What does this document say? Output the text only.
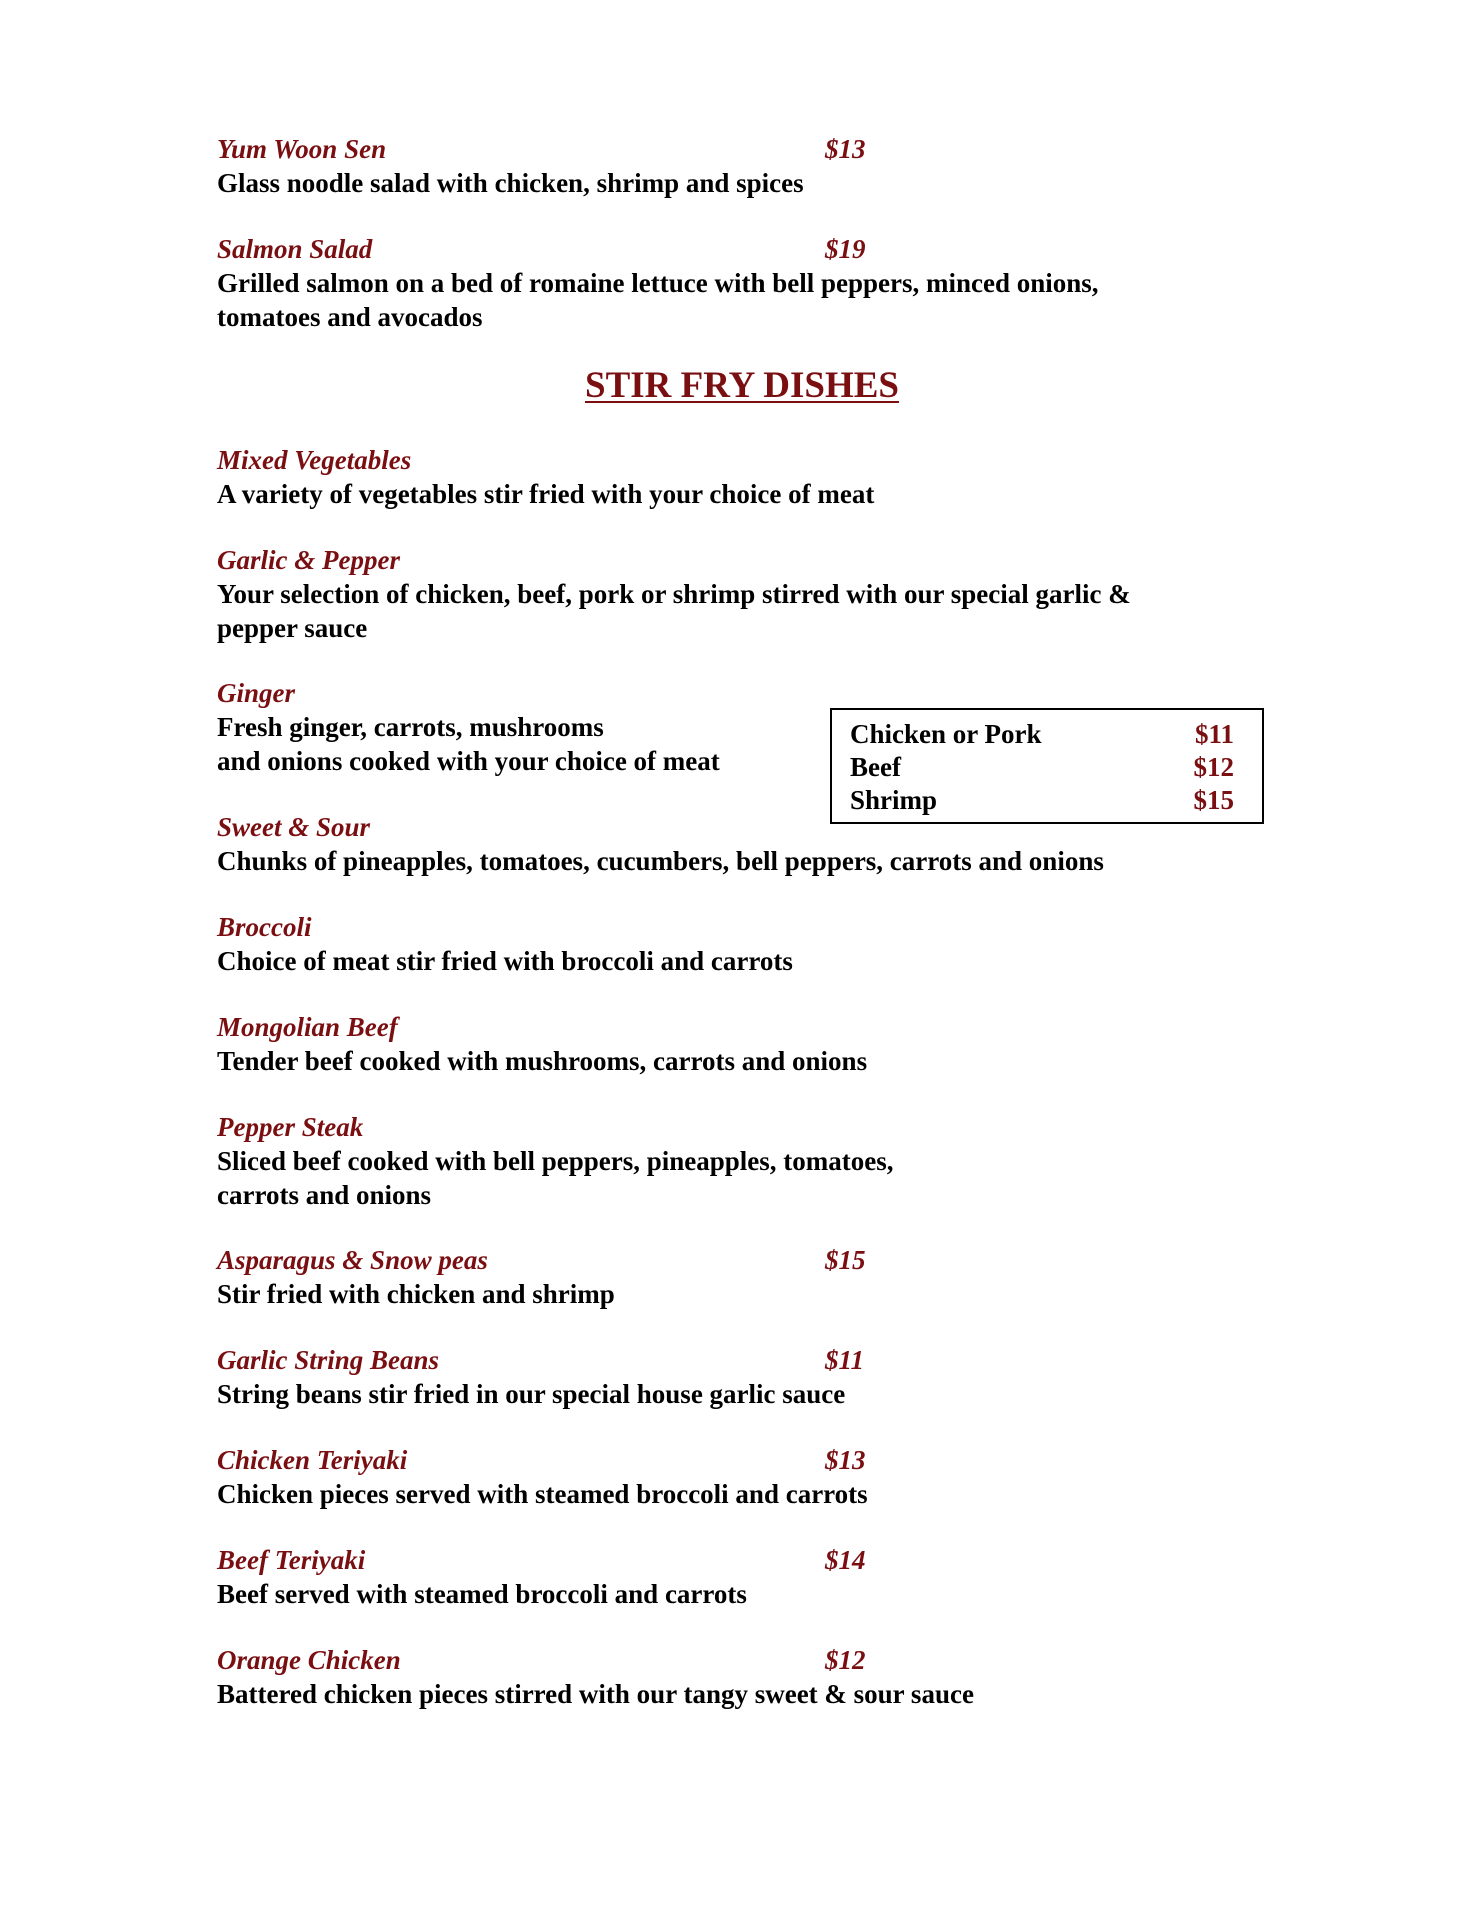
Yum Woon Sen	$13
Glass noodle salad with chicken, shrimp and spices
Salmon Salad	$19
Grilled salmon on a bed of romaine lettuce with bell peppers, minced onions,
tomatoes and avocados
STIR FRY DISHES
Mixed Vegetables
A variety of vegetables stir fried with your choice of meat
Garlic & Pepper
Your selection of chicken, beef, pork or shrimp stirred with our special garlic &
pepper sauce
Ginger
Fresh ginger, carrots, mushrooms
and onions cooked with your choice of meat
Sweet & Sour
Chunks of pineapples, tomatoes, cucumbers, bell peppers, carrots and onions
Broccoli
Choice of meat stir fried with broccoli and carrots
Mongolian Beef
Tender beef cooked with mushrooms, carrots and onions
Pepper Steak
Sliced beef cooked with bell peppers, pineapples, tomatoes,
carrots and onions
Asparagus & Snow peas	$15
Stir fried with chicken and shrimp
Garlic String Beans	$11
String beans stir fried in our special house garlic sauce
Chicken Teriyaki	$13
Chicken pieces served with steamed broccoli and carrots
Beef Teriyaki	$14
Beef served with steamed broccoli and carrots
Orange Chicken	$12
Battered chicken pieces stirred with our tangy sweet & sour sauce
Chicken or Pork	$11
Beef	$12
Shrimp	$15
